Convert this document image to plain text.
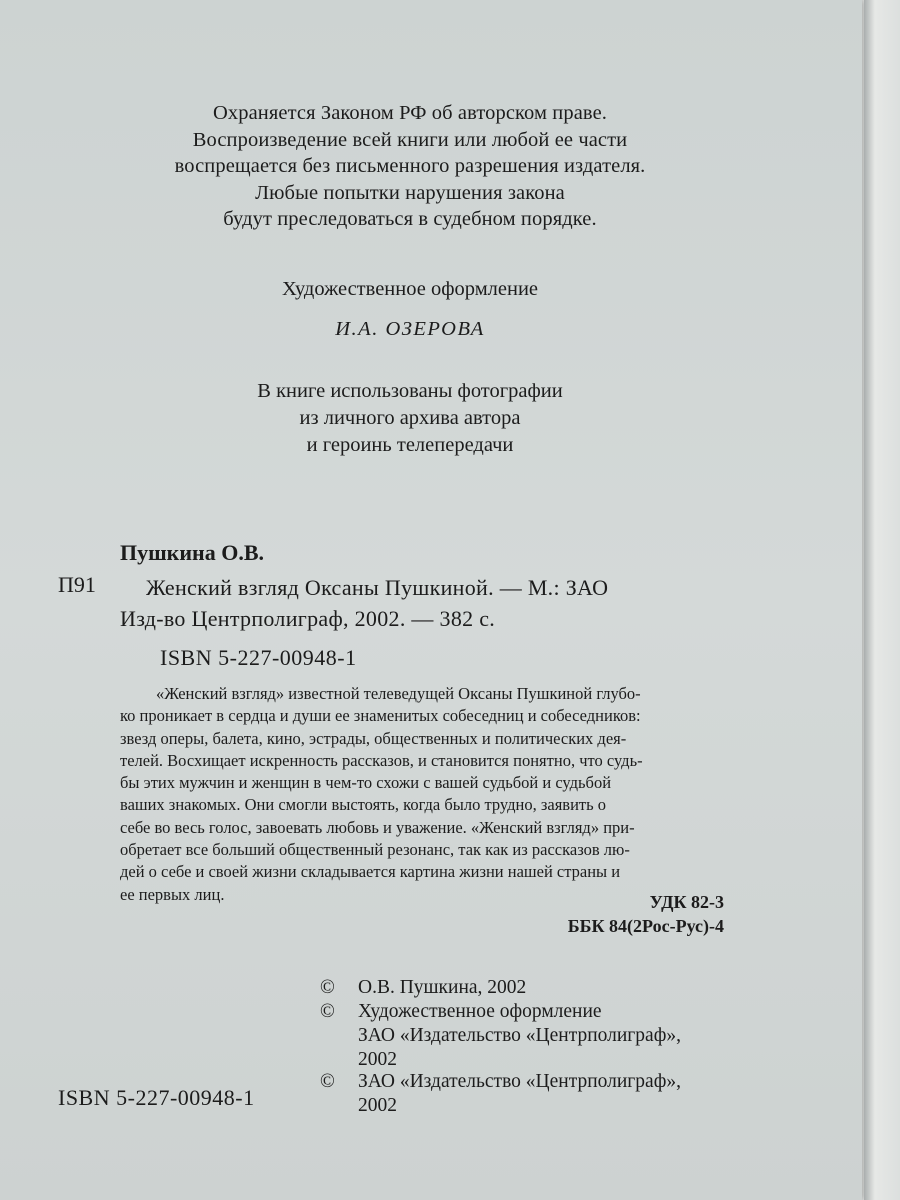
​
Охраняется Законом РФ об авторском праве.
Воспроизведение всей книги или любой ее части
воспрещается без письменного разрешения издателя.
Любые попытки нарушения закона
будут преследоваться в судебном порядке.
Художественное оформление
И.А. ОЗЕРОВА
В книге использованы фотографии
из личного архива автора
и героинь телепередачи
Пушкина О.В.
П91	Женский взгляд Оксаны Пушкиной. — М.: ЗАО
Изд-во Центрполиграф, 2002. — 382 с.
ISBN 5-227-00948-1
«Женский взгляд» известной телеведущей Оксаны Пушкиной глубо-
ко проникает в сердца и души ее знаменитых собеседниц и собеседников:
звезд оперы, балета, кино, эстрады, общественных и политических дея-
телей. Восхищает искренность рассказов, и становится понятно, что судь-
бы этих мужчин и женщин в чем-то схожи с вашей судьбой и судьбой
ваших знакомых. Они смогли выстоять, когда было трудно, заявить о
себе во весь голос, завоевать любовь и уважение. «Женский взгляд» при-
обретает все больший общественный резонанс, так как из рассказов лю-
дей о себе и своей жизни складывается картина жизни нашей страны и
ее первых лиц.	УДК 82-3
ББК 84(2Рос-Рус)-4
© О.В. Пушкина, 2002
© Художественное оформление
ЗАО «Издательство «Центрполиграф»,
2002
© ЗАО «Издательство «Центрполиграф»,
2002
ISBN 5-227-00948-1
